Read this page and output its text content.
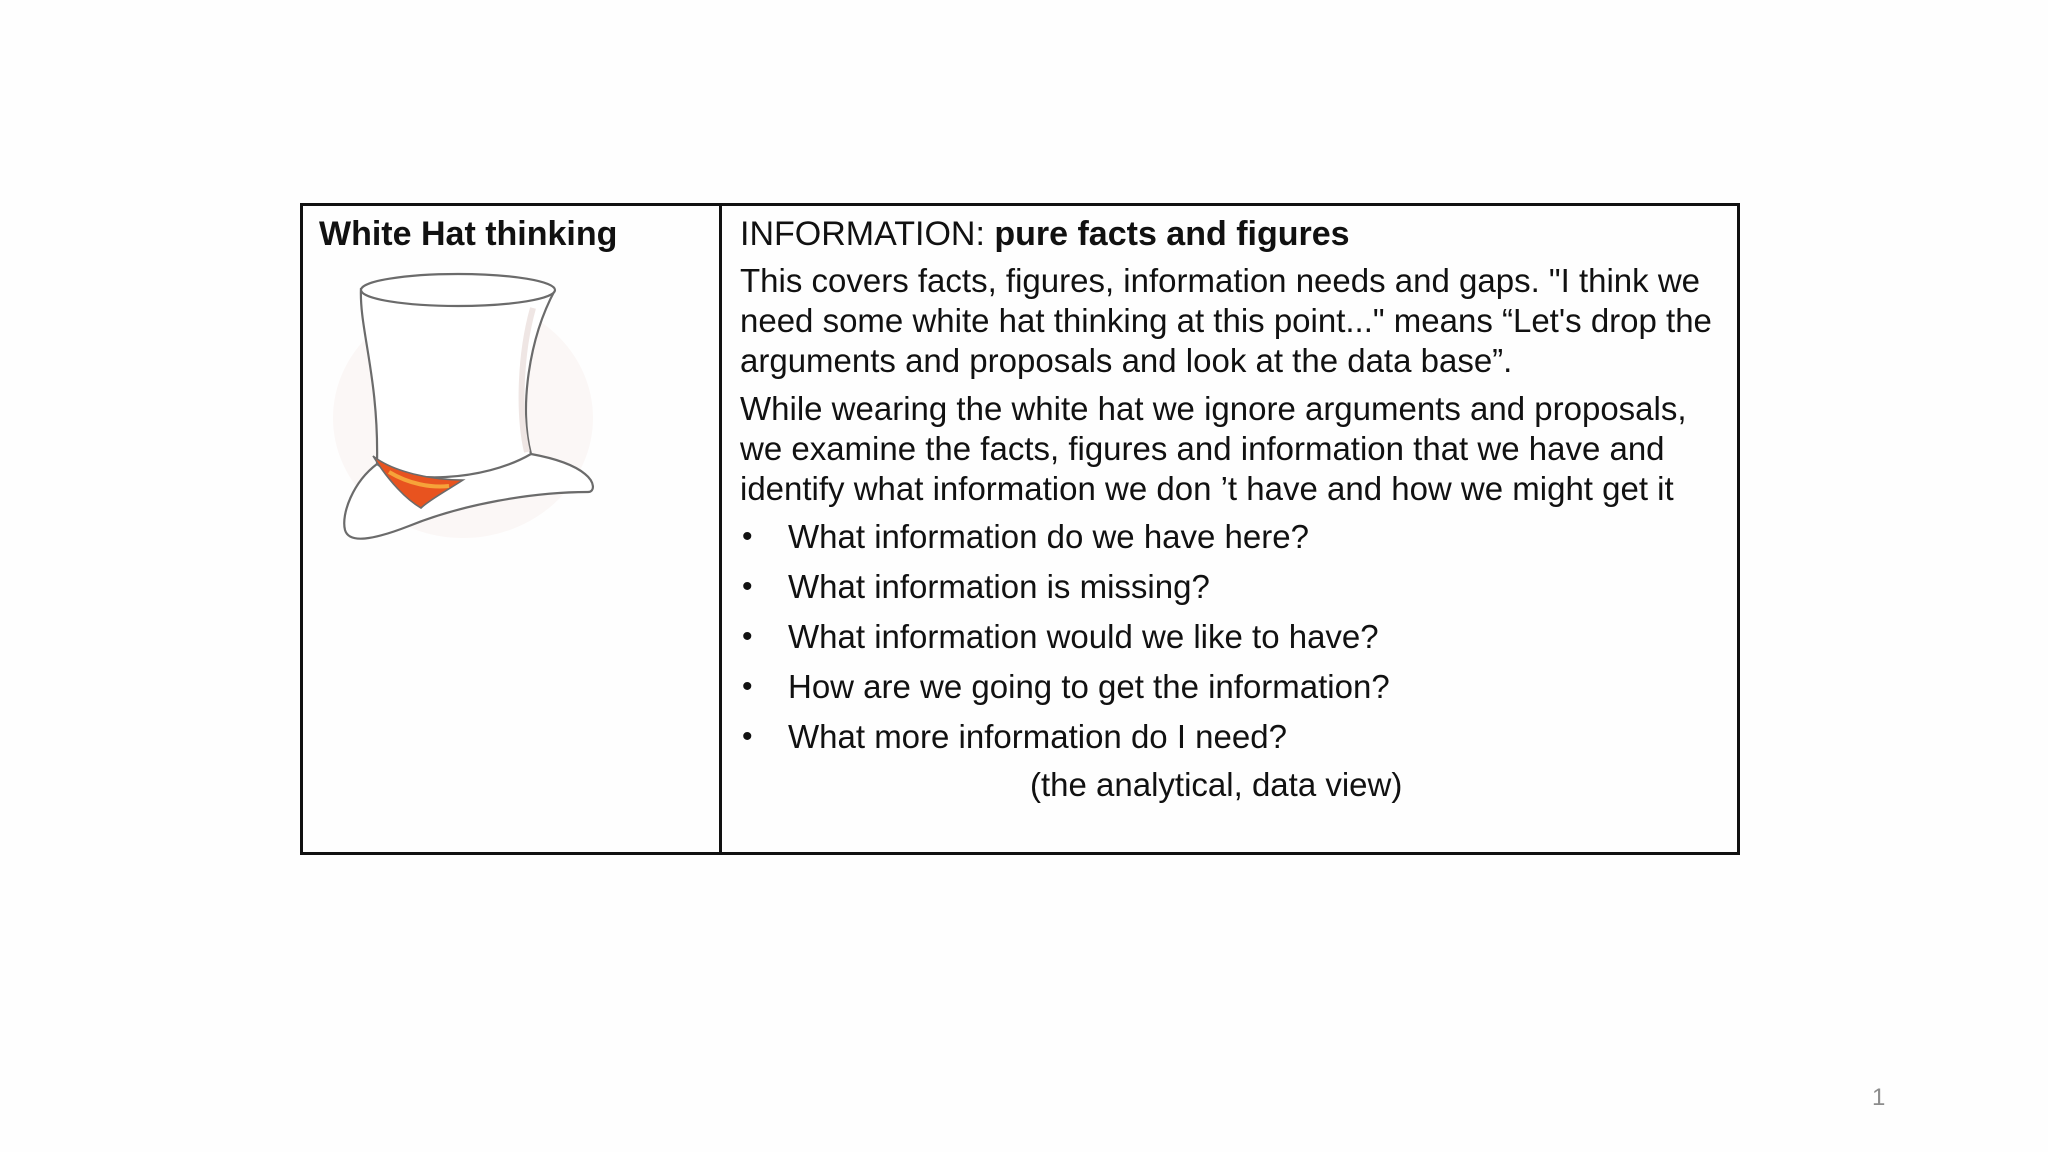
White Hat thinking	INFORMATION: pure facts and figures

This covers facts, figures, information needs and gaps. "I think we need some white hat thinking at this point..." means “Let's drop the arguments and proposals and look at the data base”.

While wearing the white hat we ignore arguments and proposals, we examine the facts, figures and information that we have and identify what information we don ’t have and how we might get it

• What information do we have here?
• What information is missing?
• What information would we like to have?
• How are we going to get the information?
• What more information do I need?
(the analytical, data view)
1
